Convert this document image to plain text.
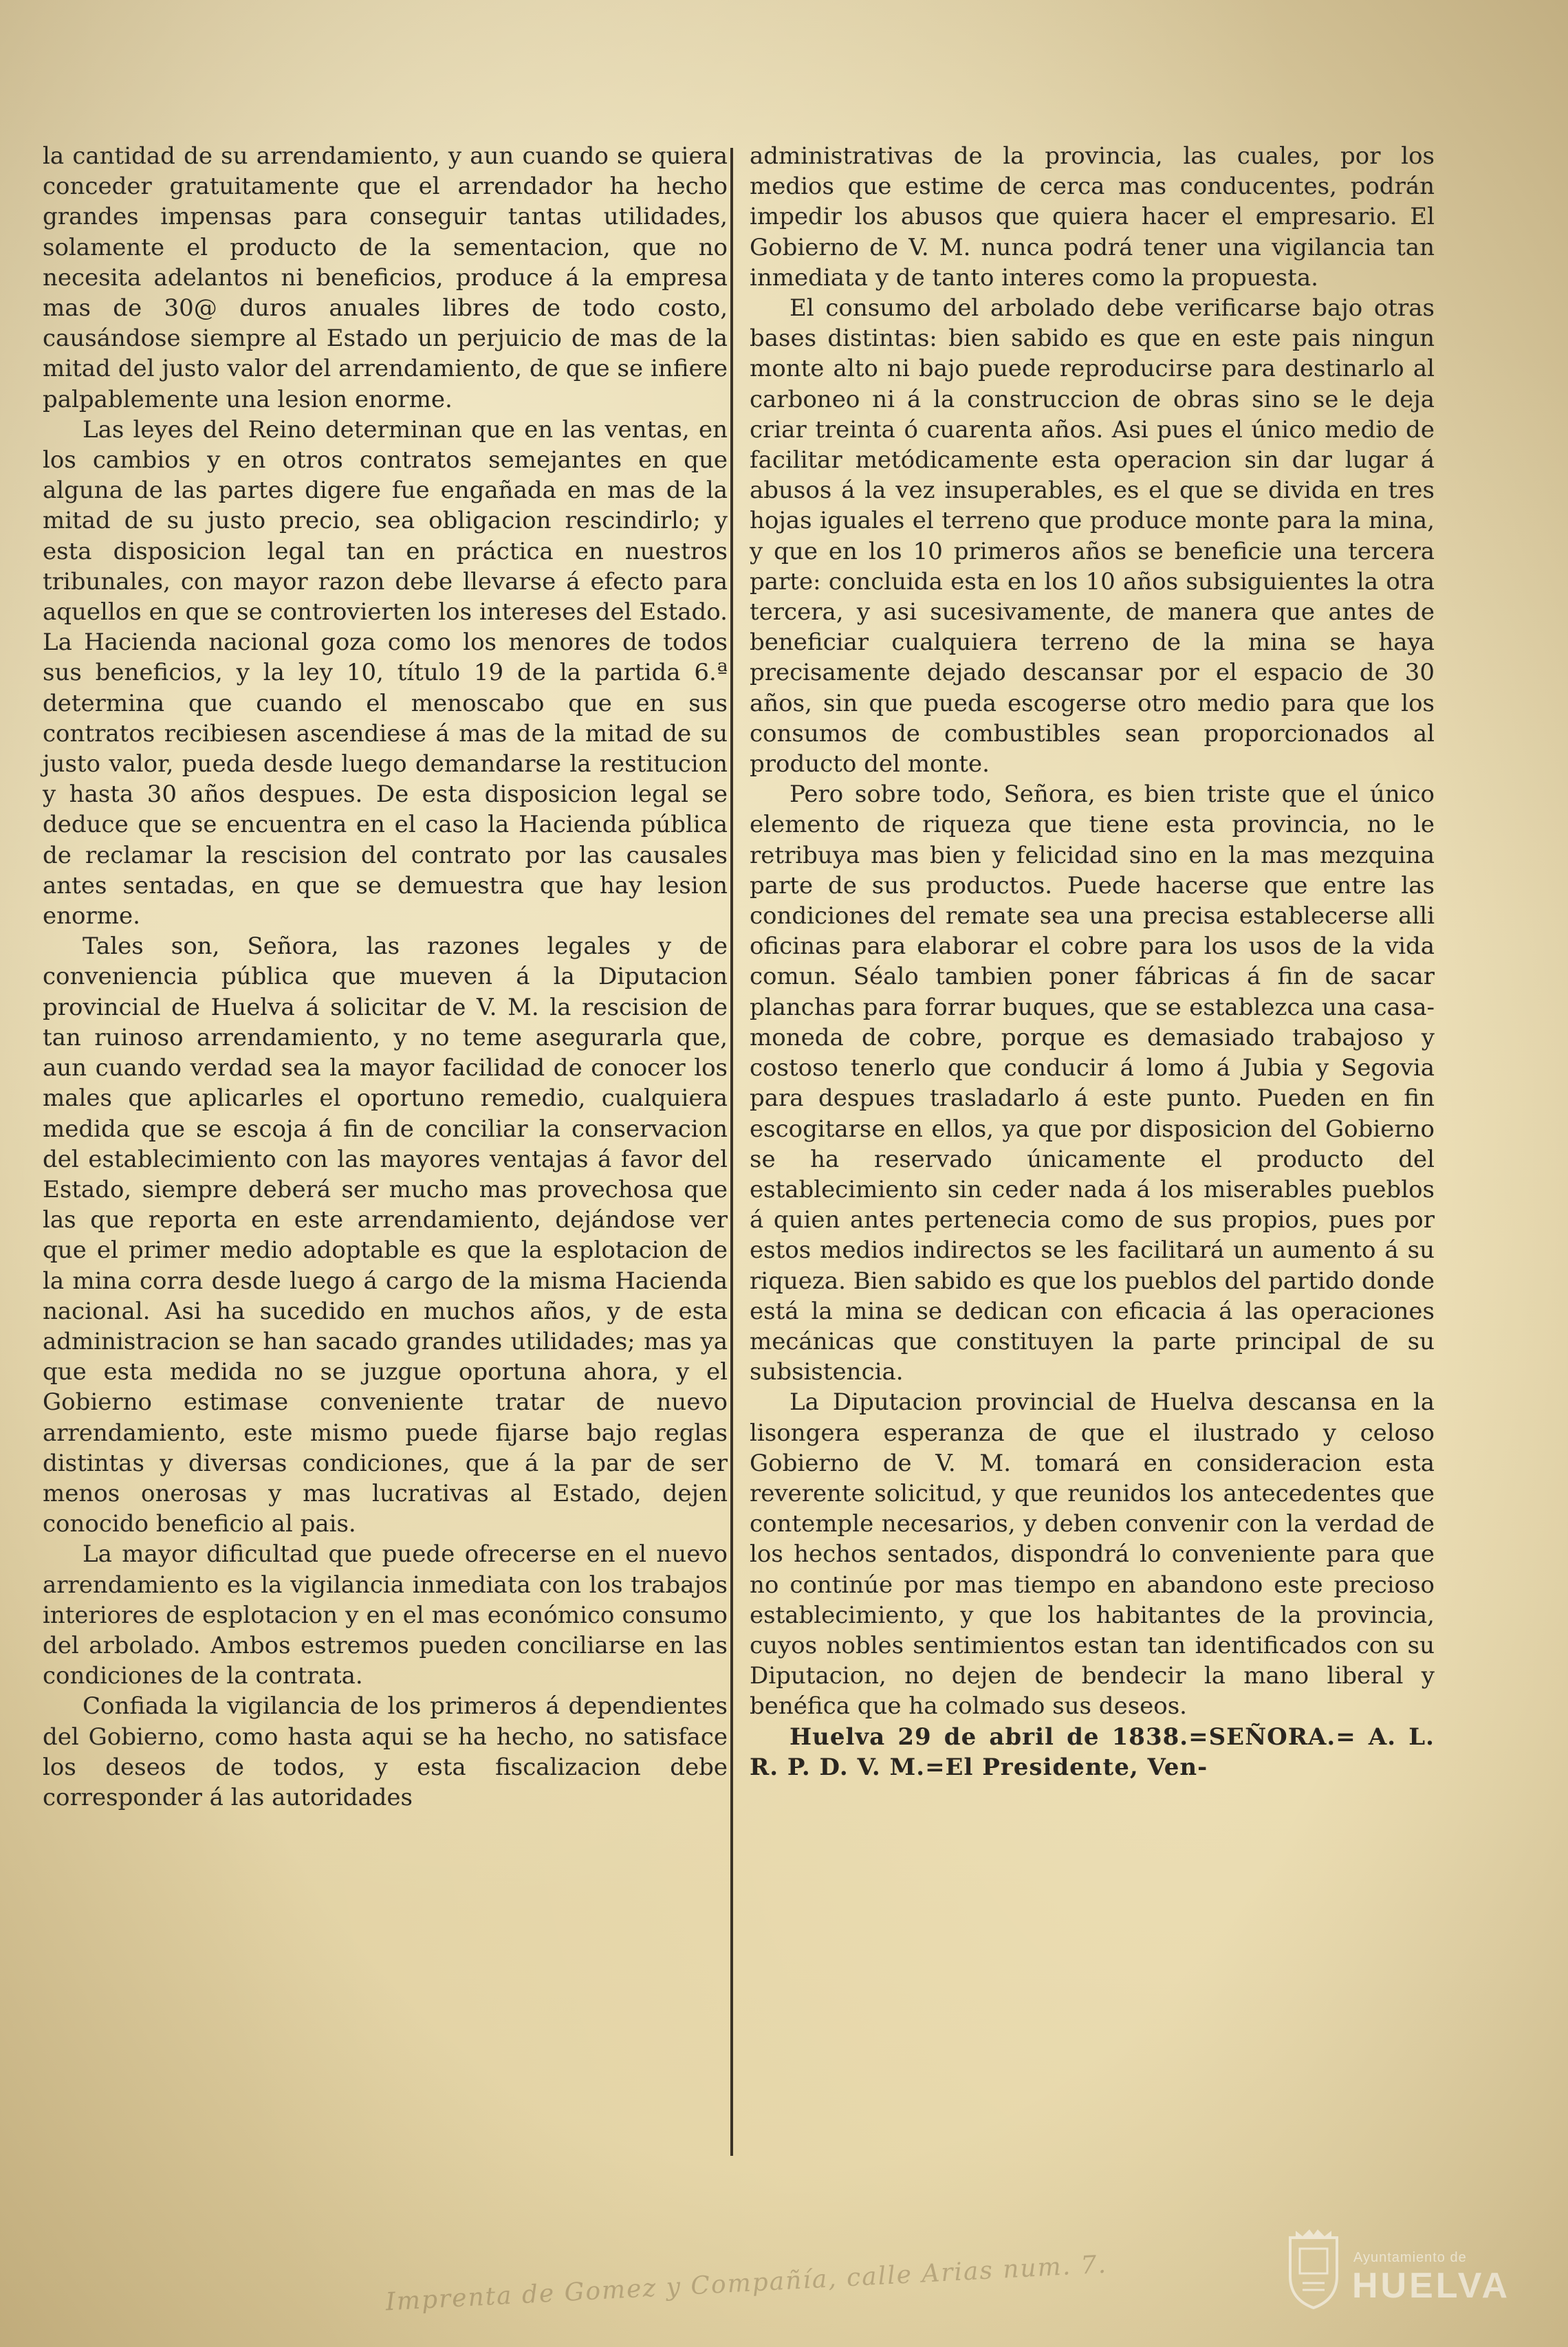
la cantidad de su arrendamiento, y aun cuando se quiera conceder gratuitamente que el arrendador ha hecho grandes impensas para conseguir tantas utilidades, solamente el producto de la sementacion, que no necesita adelantos ni beneficios, produce á la empresa mas de 30@ duros anuales libres de todo costo, causándose siempre al Estado un perjuicio de mas de la mitad del justo valor del arrendamiento, de que se infiere palpablemente una lesion enorme.

Las leyes del Reino determinan que en las ventas, en los cambios y en otros contratos semejantes en que alguna de las partes digere fue engañada en mas de la mitad de su justo precio, sea obligacion rescindirlo; y esta disposicion legal tan en práctica en nuestros tribunales, con mayor razon debe llevarse á efecto para aquellos en que se controvierten los intereses del Estado. La Hacienda nacional goza como los menores de todos sus beneficios, y la ley 10, título 19 de la partida 6.ª determina que cuando el menoscabo que en sus contratos recibiesen ascendiese á mas de la mitad de su justo valor, pueda desde luego demandarse la restitucion y hasta 30 años despues. De esta disposicion legal se deduce que se encuentra en el caso la Hacienda pública de reclamar la rescision del contrato por las causales antes sentadas, en que se demuestra que hay lesion enorme.

Tales son, Señora, las razones legales y de conveniencia pública que mueven á la Diputacion provincial de Huelva á solicitar de V. M. la rescision de tan ruinoso arrendamiento, y no teme asegurarla que, aun cuando verdad sea la mayor facilidad de conocer los males que aplicarles el oportuno remedio, cualquiera medida que se escoja á fin de conciliar la conservacion del establecimiento con las mayores ventajas á favor del Estado, siempre deberá ser mucho mas provechosa que las que reporta en este arrendamiento, dejándose ver que el primer medio adoptable es que la esplotacion de la mina corra desde luego á cargo de la misma Hacienda nacional. Asi ha sucedido en muchos años, y de esta administracion se han sacado grandes utilidades; mas ya que esta medida no se juzgue oportuna ahora, y el Gobierno estimase conveniente tratar de nuevo arrendamiento, este mismo puede fijarse bajo reglas distintas y diversas condiciones, que á la par de ser menos onerosas y mas lucrativas al Estado, dejen conocido beneficio al pais.

La mayor dificultad que puede ofrecerse en el nuevo arrendamiento es la vigilancia inmediata con los trabajos interiores de esplotacion y en el mas económico consumo del arbolado. Ambos estremos pueden conciliarse en las condiciones de la contrata.

Confiada la vigilancia de los primeros á dependientes del Gobierno, como hasta aqui se ha hecho, no satisface los deseos de todos, y esta fiscalizacion debe corresponder á las autoridades

administrativas de la provincia, las cuales, por los medios que estime de cerca mas conducentes, podrán impedir los abusos que quiera hacer el empresario. El Gobierno de V. M. nunca podrá tener una vigilancia tan inmediata y de tanto interes como la propuesta.

El consumo del arbolado debe verificarse bajo otras bases distintas: bien sabido es que en este pais ningun monte alto ni bajo puede reproducirse para destinarlo al carboneo ni á la construccion de obras sino se le deja criar treinta ó cuarenta años. Asi pues el único medio de facilitar metódicamente esta operacion sin dar lugar á abusos á la vez insuperables, es el que se divida en tres hojas iguales el terreno que produce monte para la mina, y que en los 10 primeros años se beneficie una tercera parte: concluida esta en los 10 años subsiguientes la otra tercera, y asi sucesivamente, de manera que antes de beneficiar cualquiera terreno de la mina se haya precisamente dejado descansar por el espacio de 30 años, sin que pueda escogerse otro medio para que los consumos de combustibles sean proporcionados al producto del monte.

Pero sobre todo, Señora, es bien triste que el único elemento de riqueza que tiene esta provincia, no le retribuya mas bien y felicidad sino en la mas mezquina parte de sus productos. Puede hacerse que entre las condiciones del remate sea una precisa establecerse alli oficinas para elaborar el cobre para los usos de la vida comun. Séalo tambien poner fábricas á fin de sacar planchas para forrar buques, que se establezca una casa-moneda de cobre, porque es demasiado trabajoso y costoso tenerlo que conducir á lomo á Jubia y Segovia para despues trasladarlo á este punto. Pueden en fin escogitarse en ellos, ya que por disposicion del Gobierno se ha reservado únicamente el producto del establecimiento sin ceder nada á los miserables pueblos á quien antes pertenecia como de sus propios, pues por estos medios indirectos se les facilitará un aumento á su riqueza. Bien sabido es que los pueblos del partido donde está la mina se dedican con eficacia á las operaciones mecánicas que constituyen la parte principal de su subsistencia.

La Diputacion provincial de Huelva descansa en la lisongera esperanza de que el ilustrado y celoso Gobierno de V. M. tomará en consideracion esta reverente solicitud, y que reunidos los antecedentes que contemple necesarios, y deben convenir con la verdad de los hechos sentados, dispondrá lo conveniente para que no continúe por mas tiempo en abandono este precioso establecimiento, y que los habitantes de la provincia, cuyos nobles sentimientos estan tan identificados con su Diputacion, no dejen de bendecir la mano liberal y benéfica que ha colmado sus deseos.

Huelva 29 de abril de 1838.=SEÑORA.= A. L. R. P. D. V. M.=El Presidente, Ven-

Imprenta de Gomez y Compañía, calle Arias num. 7.	Ayuntamiento de
HUELVA
